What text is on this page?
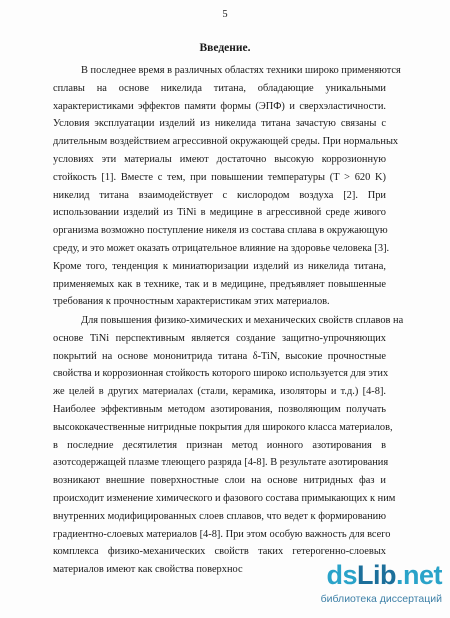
5
Введение.
В последнее время в различных областях техники широко применяются
сплавы на основе никелида титана, обладающие уникальными
характеристиками эффектов памяти формы (ЭПФ) и сверхэластичности.
Условия эксплуатации изделий из никелида титана зачастую связаны с
длительным воздействием агрессивной окружающей среды. При нормальных
условиях эти материалы имеют достаточно высокую коррозионную
стойкость [1]. Вместе с тем, при повышении температуры (T > 620 K)
никелид титана взаимодействует с кислородом воздуха [2]. При
использовании изделий из TiNi в медицине в агрессивной среде живого
организма возможно поступление никеля из состава сплава в окружающую
среду, и это может оказать отрицательное влияние на здоровье человека [3].
Кроме того, тенденция к миниатюризации изделий из никелида титана,
применяемых как в технике, так и в медицине, предъявляет повышенные
требования к прочностным характеристикам этих материалов.
Для повышения физико-химических и механических свойств сплавов на
основе TiNi перспективным является создание защитно-упрочняющих
покрытий на основе мононитрида титана δ-TiN, высокие прочностные
свойства и коррозионная стойкость которого широко используется для этих
же целей в других материалах (стали, керамика, изоляторы и т.д.) [4-8].
Наиболее эффективным методом азотирования, позволяющим получать
высококачественные нитридные покрытия для широкого класса материалов,
в последние десятилетия признан метод ионного азотирования в
азотсодержащей плазме тлеющего разряда [4-8]. В результате азотирования
возникают внешние поверхностные слои на основе нитридных фаз и
происходит изменение химического и фазового состава примыкающих к ним
внутренних модифицированных слоев сплавов, что ведет к формированию
градиентно-слоевых материалов [4-8]. При этом особую важность для всего
комплекса физико-механических свойств таких гетерогенно-слоевых
материалов имеют как свойства поверхнос	dsLib.net
библиотека диссертаций
